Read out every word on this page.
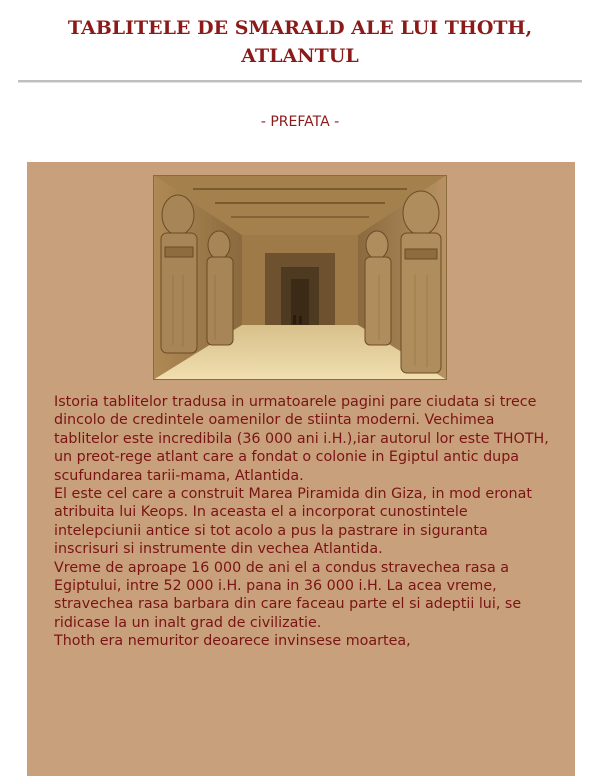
TABLITELE DE SMARALD ALE LUI THOTH, ATLANTUL
- PREFATA -

Istoria tablitelor tradusa in urmatoarele pagini pare ciudata si trece dincolo de credintele oamenilor de stiinta moderni. Vechimea tablitelor este incredibila (36 000 ani i.H.),iar autorul lor este THOTH, un preot-rege atlant care a fondat o colonie in Egiptul antic dupa scufundarea tarii-mama, Atlantida.

El este cel care a construit Marea Piramida din Giza, in mod eronat atribuita lui Keops. In aceasta el a incorporat cunostintele intelepciunii antice si tot acolo a pus la pastrare in siguranta inscrisuri si instrumente din vechea Atlantida.

Vreme de aproape 16 000 de ani el a condus stravechea rasa a Egiptului, intre 52 000 i.H. pana in 36 000 i.H. La acea vreme, stravechea rasa barbara din care faceau parte el si adeptii lui, se ridicase la un inalt grad de civilizatie.

Thoth era nemuritor deoarece invinsese moartea,
